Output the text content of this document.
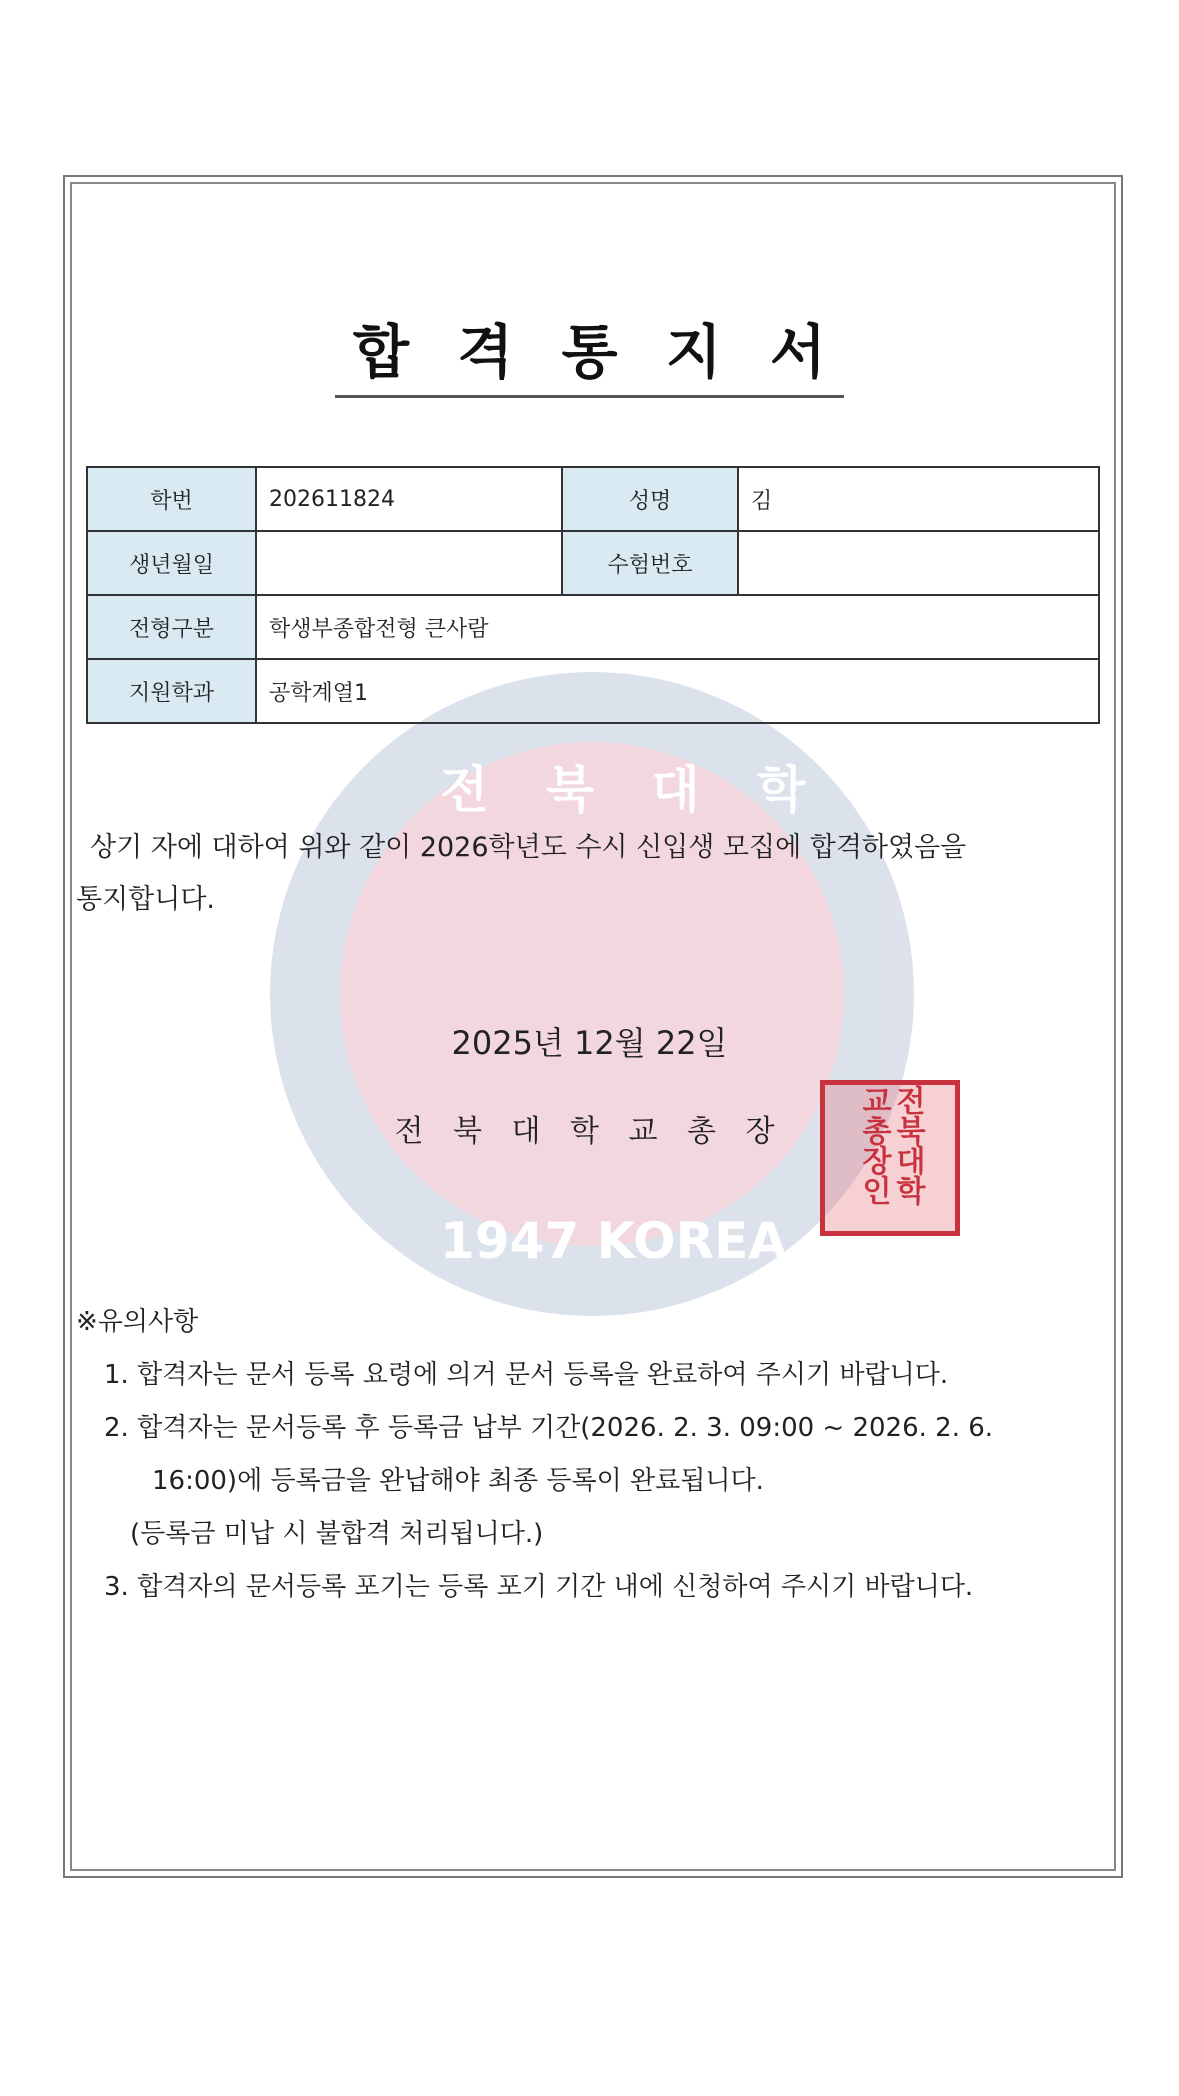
전 북 대 학 교
1947 KOREA
합 격 통 지 서
학번	202611824	성명	김
생년월일		수험번호	
전형구분	학생부종합전형 큰사람		
지원학과	공학계열1		
상기 자에 대하여 위와 같이 2026학년도 수시 신입생 모집에 합격하였음을
통지합니다.
2025년 12월 22일
전 북 대 학 교 총 장	전북대학교총장인
※유의사항
1. 합격자는 문서 등록 요령에 의거 문서 등록을 완료하여 주시기 바랍니다.
2. 합격자는 문서등록 후 등록금 납부 기간(2026. 2. 3. 09:00 ~ 2026. 2. 6.
16:00)에 등록금을 완납해야 최종 등록이 완료됩니다.
(등록금 미납 시 불합격 처리됩니다.)
3. 합격자의 문서등록 포기는 등록 포기 기간 내에 신청하여 주시기 바랍니다.
